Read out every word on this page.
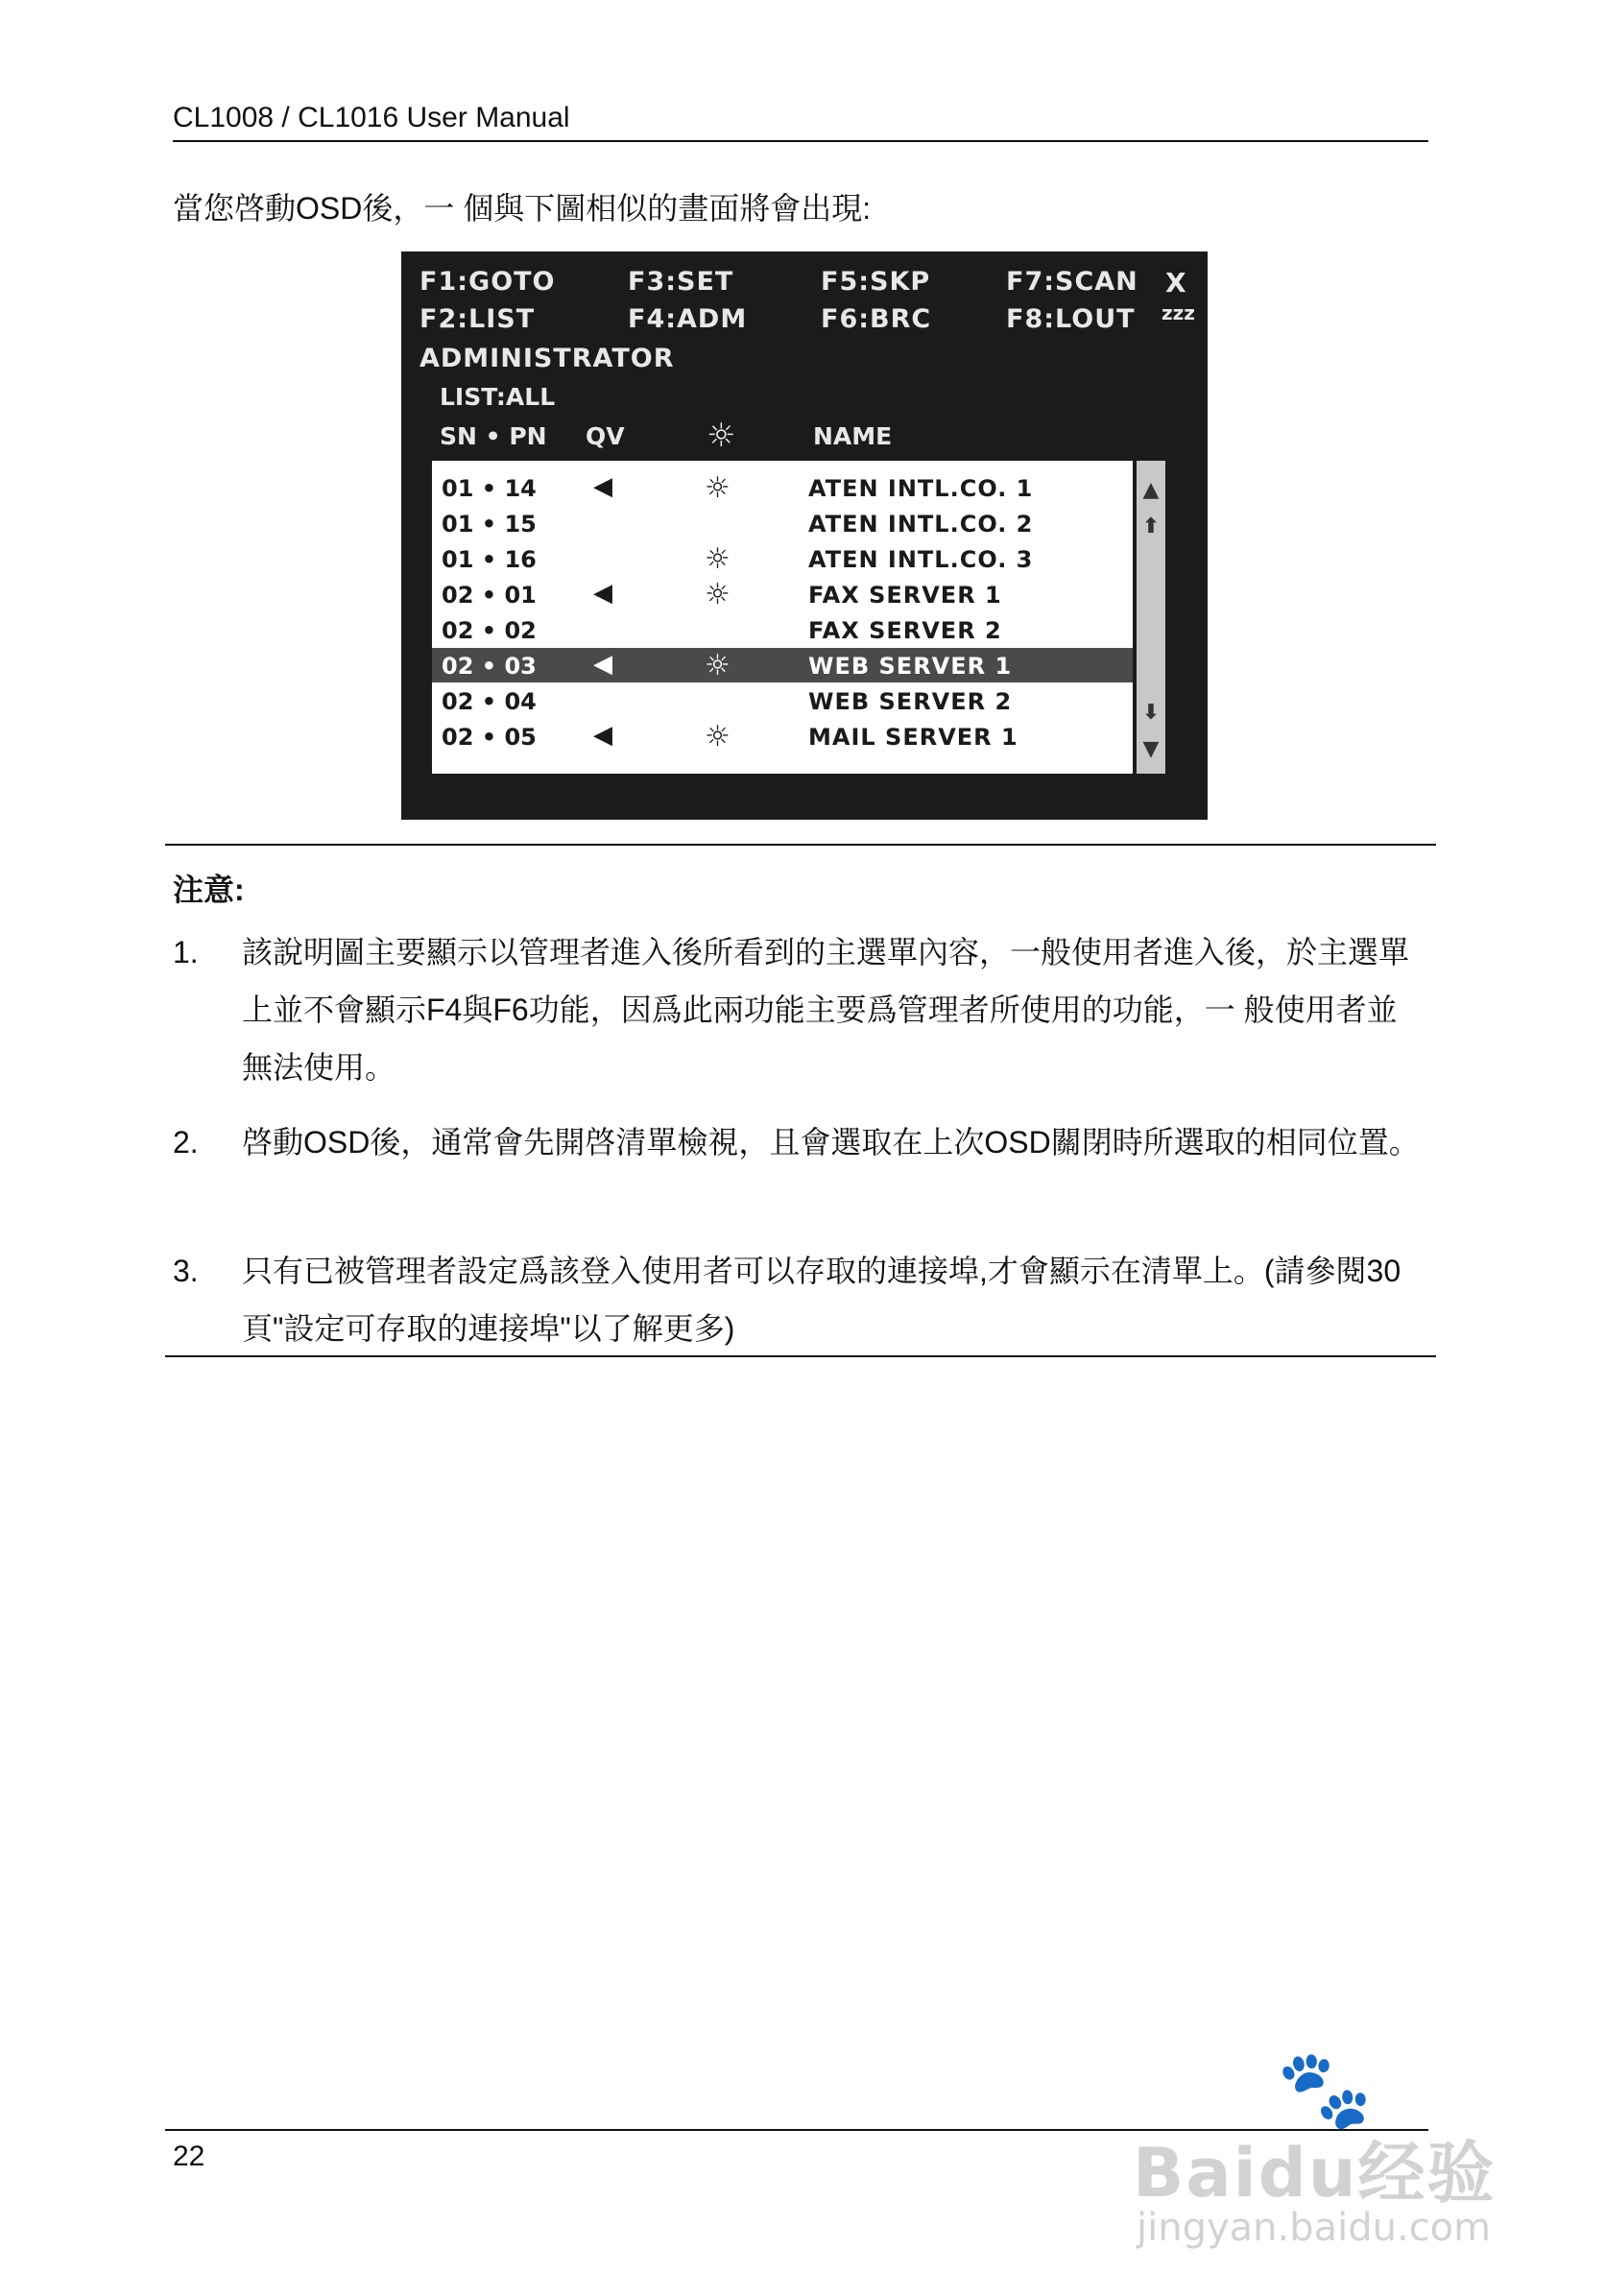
CL1008 / CL1016 User Manual
當您啓動OSD後，一 個與下圖相似的畫面將會出現:
F1:GOTO	F3:SET	F5:SKP	F7:SCAN X
F2:LIST	F4:ADM	F6:BRC	F8:LOUT zzz
ADMINISTRATOR
LIST:ALL
SN • PN QV	☼	NAME
01 • 14 ◀	☼	ATEN INTL.CO. 1
01 • 15	ATEN INTL.CO. 2
01 • 16	☼	ATEN INTL.CO. 3
02 • 01 ◀	☼	FAX SERVER 1
02 • 02	FAX SERVER 2
02 • 03 ◀	☼	WEB SERVER 1
02 • 04	WEB SERVER 2
02 • 05 ◀	☼	MAIL SERVER 1
▲
⬆
⬇
▼
注意:
1. 該說明圖主要顯示以管理者進入後所看到的主選單內容，一般使用者進入後，於主選單上並不會顯示F4與F6功能，因爲此兩功能主要爲管理者所使用的功能，一 般使用者並無法使用。
2. 啓動OSD後，通常會先開啓清單檢視，且會選取在上次OSD關閉時所選取的相同位置。
3. 只有已被管理者設定爲該登入使用者可以存取的連接埠,才會顯示在清單上。(請參閱30頁"設定可存取的連接埠"以了解更多)
22
🐾
Baidu经验
jingyan.baidu.com
